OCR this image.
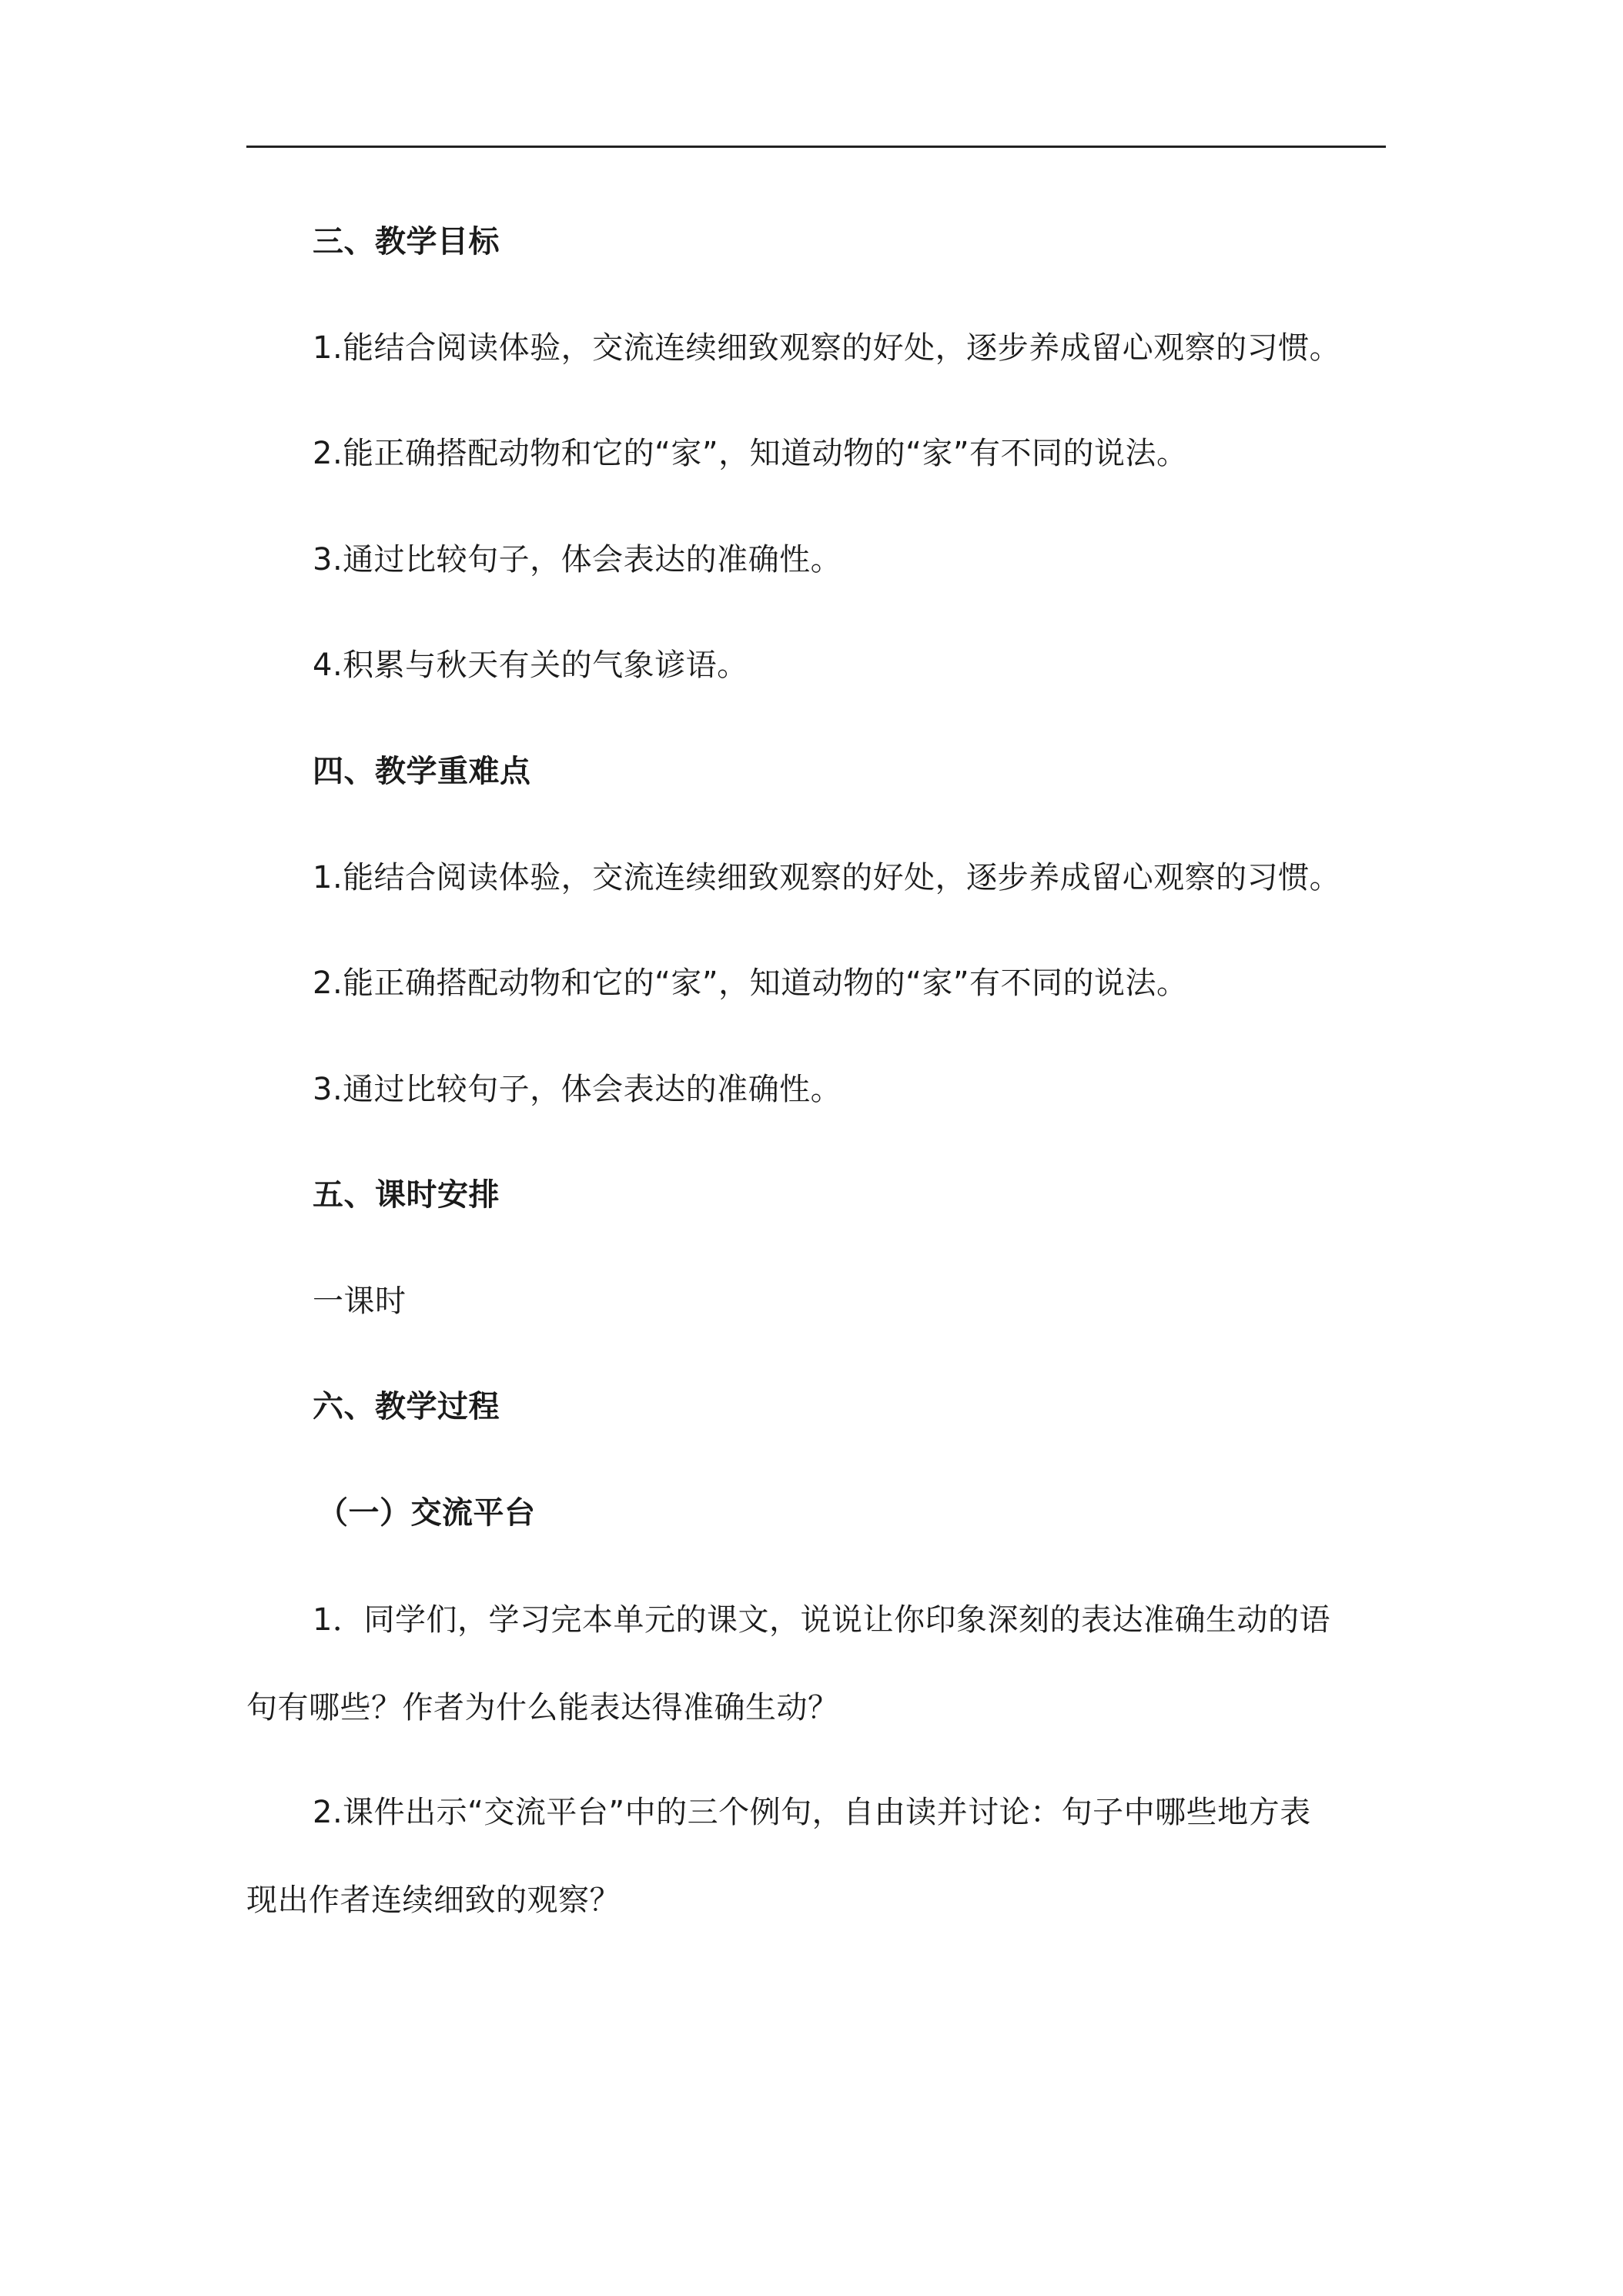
三、教学目标
1.能结合阅读体验，交流连续细致观察的好处，逐步养成留心观察的习惯。
2.能正确搭配动物和它的“家”，知道动物的“家”有不同的说法。
3.通过比较句子，体会表达的准确性。
4.积累与秋天有关的气象谚语。
四、教学重难点
1.能结合阅读体验，交流连续细致观察的好处，逐步养成留心观察的习惯。
2.能正确搭配动物和它的“家”，知道动物的“家”有不同的说法。
3.通过比较句子，体会表达的准确性。
五、课时安排
一课时
六、教学过程
（一）交流平台
1．同学们，学习完本单元的课文，说说让你印象深刻的表达准确生动的语
句有哪些？作者为什么能表达得准确生动？
2.课件出示“交流平台”中的三个例句，自由读并讨论：句子中哪些地方表
现出作者连续细致的观察？
